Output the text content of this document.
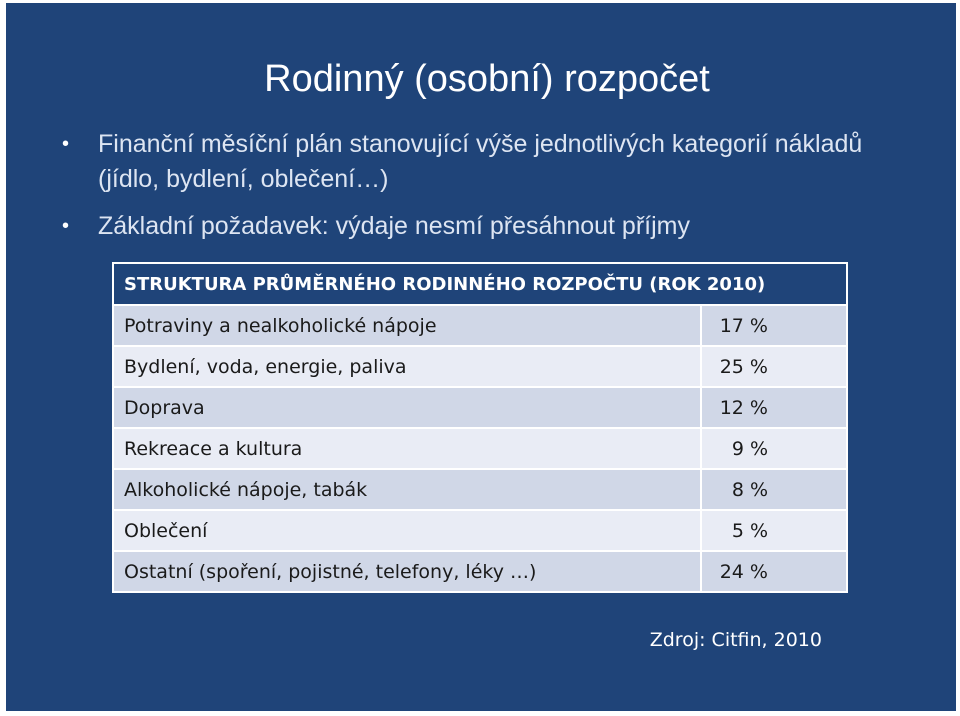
Rodinný (osobní) rozpočet
• Finanční měsíční plán stanovující výše jednotlivých kategorií nákladů (jídlo, bydlení, oblečení…)
• Základní požadavek: výdaje nesmí přesáhnout příjmy
STRUKTURA PRŮMĚRNÉHO RODINNÉHO ROZPOČTU (ROK 2010)	
Potraviny a nealkoholické nápoje	17 %
Bydlení, voda, energie, paliva	25 %
Doprava	12 %
Rekreace a kultura	9 %
Alkoholické nápoje, tabák	8 %
Oblečení	5 %
Ostatní (spoření, pojistné, telefony, léky …)	24 %
Zdroj: Citfin, 2010
